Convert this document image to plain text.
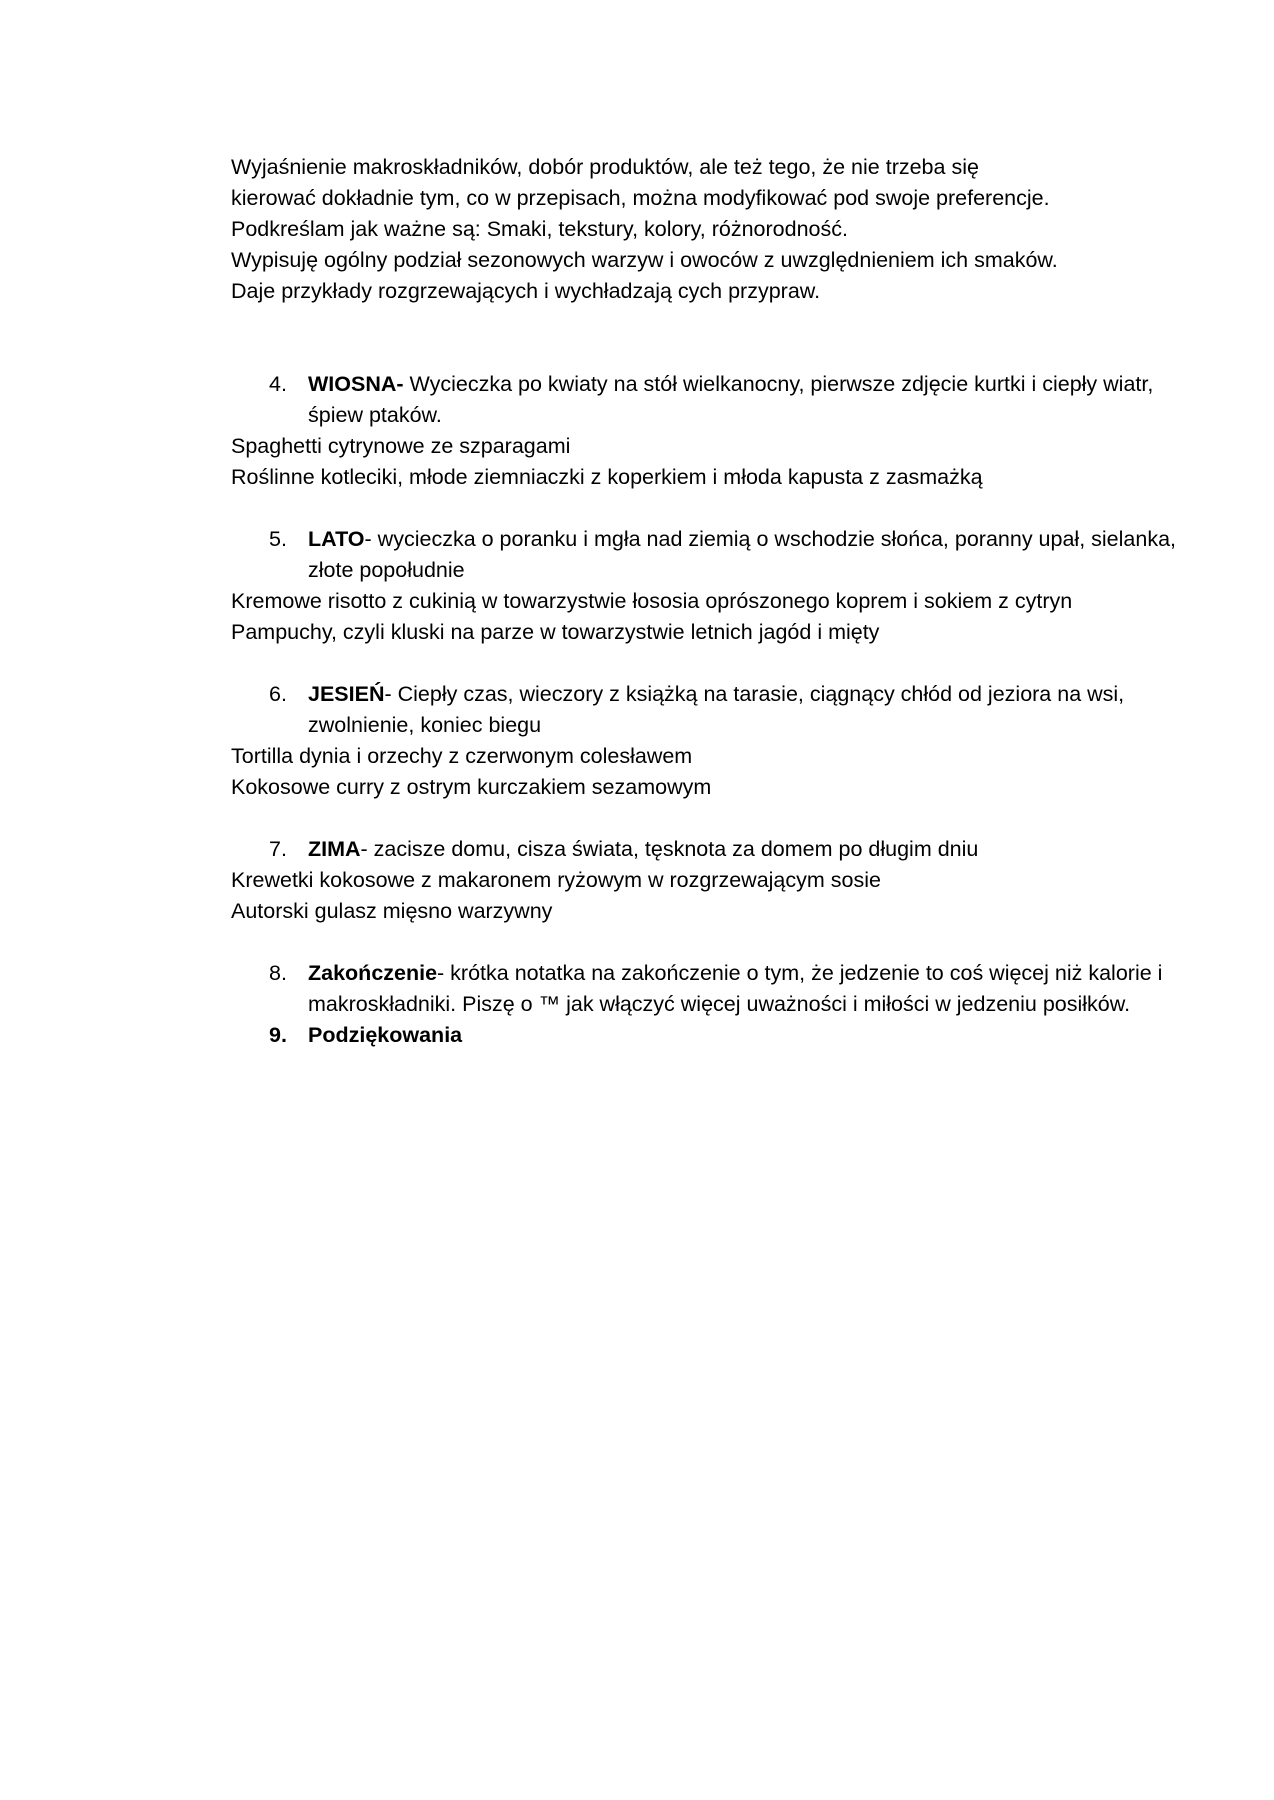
Wyjaśnienie makroskładników, dobór produktów, ale też tego, że nie trzeba się kierować dokładnie tym, co w przepisach, można modyfikować pod swoje preferencje.

Podkreślam jak ważne są: Smaki, tekstury, kolory, różnorodność.

Wypisuję ogólny podział sezonowych warzyw i owoców z uwzględnieniem ich smaków. Daje przykłady rozgrzewających i wychładzają cych przypraw.

4. WIOSNA- Wycieczka po kwiaty na stół wielkanocny, pierwsze zdjęcie kurtki i ciepły wiatr, śpiew ptaków.

Spaghetti cytrynowe ze szparagami

Roślinne kotleciki, młode ziemniaczki z koperkiem i młoda kapusta z zasmażką

5. LATO- wycieczka o poranku i mgła nad ziemią o wschodzie słońca, poranny upał, sielanka, złote popołudnie

Kremowe risotto z cukinią w towarzystwie łososia oprószonego koprem i sokiem z cytryn

Pampuchy, czyli kluski na parze w towarzystwie letnich jagód i mięty

6. JESIEŃ- Ciepły czas, wieczory z książką na tarasie, ciągnący chłód od jeziora na wsi, zwolnienie, koniec biegu

Tortilla dynia i orzechy z czerwonym colesławem

Kokosowe curry z ostrym kurczakiem sezamowym

7. ZIMA- zacisze domu, cisza świata, tęsknota za domem po długim dniu

Krewetki kokosowe z makaronem ryżowym w rozgrzewającym sosie

Autorski gulasz mięsno warzywny

8. Zakończenie- krótka notatka na zakończenie o tym, że jedzenie to coś więcej niż kalorie i makroskładniki. Piszę o ™ jak włączyć więcej uważności i miłości w jedzeniu posiłków.

9. Podziękowania
